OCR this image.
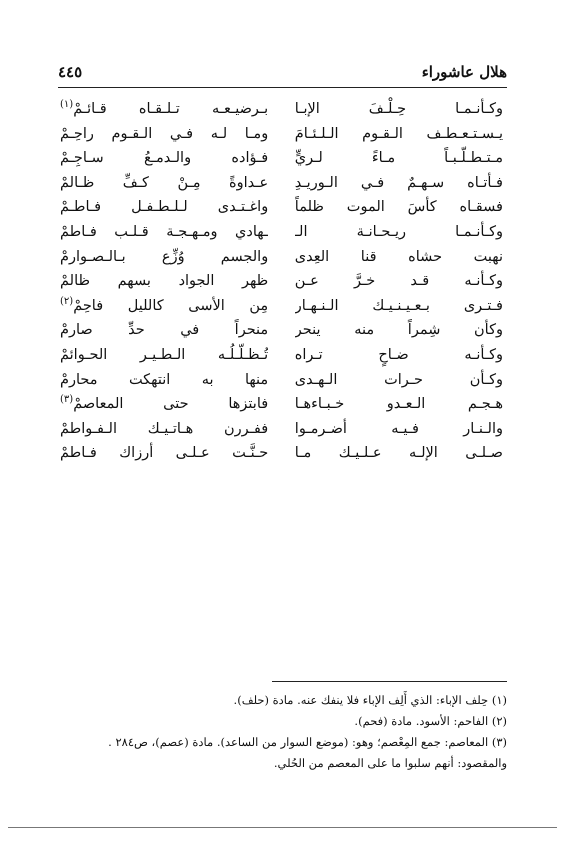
هلال عاشوراء
٤٤٥
وكـأنـمـا حِـلْـفَ الإبـا
بـرضيـعـه تـلـقـاه قـائـمْ$^{(١)}$
يـسـتـعـطـف الـقـوم الـلـئـامَ
ومـا لـه فـي الـقـوم راحِـمْ
مـتـطـلّـبـاً مـاءً لـريٍّ
فـؤاده والـدمـعُ سـاجِـمْ
فـأتـاه سـهـمٌ فـي الـوريـدِ
عـداوةً مِـنْ كـفِّ ظـالمْ
فسقـاه كأسَ الموت ظلماً
واغـتـدى لـلـطـفـل فـاطـمْ
وكـأنـمـا ريـحـانـة الـ
ـهادي ومـهـجـة قـلـب فـاطمْ
نهبت حشاه قنا العِدى
والجسم وُزِّع بـالـصـوارمْ
وكـأنـه قـد خـرَّ عـن
ظهر الجواد بسهم ظالمْ
فـتـرى بـعـيـنـيـك الـنـهـار
مِن الأسى كالليل فاحِمْ$^{(٢)}$
وكأن شِمراً منه ينحر
منحراً في حدِّ صارمْ
وكـأنـه ضـاحٍ تـراه
تُـظـلّـلُـه الـطـيـر الحـوائمْ
وكـأن حـرات الـهـدى
منها به انتهكت محارمْ
هـجـم الـعـدو خـبـاءهـا
فابتزها حتى المعاصمْ$^{(٣)}$
والـنـار فـيـه أضـرمـوا
ففـررن هـاتـيـك الـفـواطمْ
صـلـى الإلـه عـلـيـك مـا
حـنَّـت عـلـى أرزاك فـاطمْ

(١) حِلف الإباء: الذي أَلِف الإباء فلا ينفك عنه. مادة (حلف).

(٢) الفاحم: الأسود. مادة (فحم).

(٣) المعاصم: جمع المِعْصم؛ وهو: (موضع السوار من الساعد). مادة (عصم)، ص٢٨٤ . والمقصود: أنهم سلبوا ما على المعصم من الحُلي.
